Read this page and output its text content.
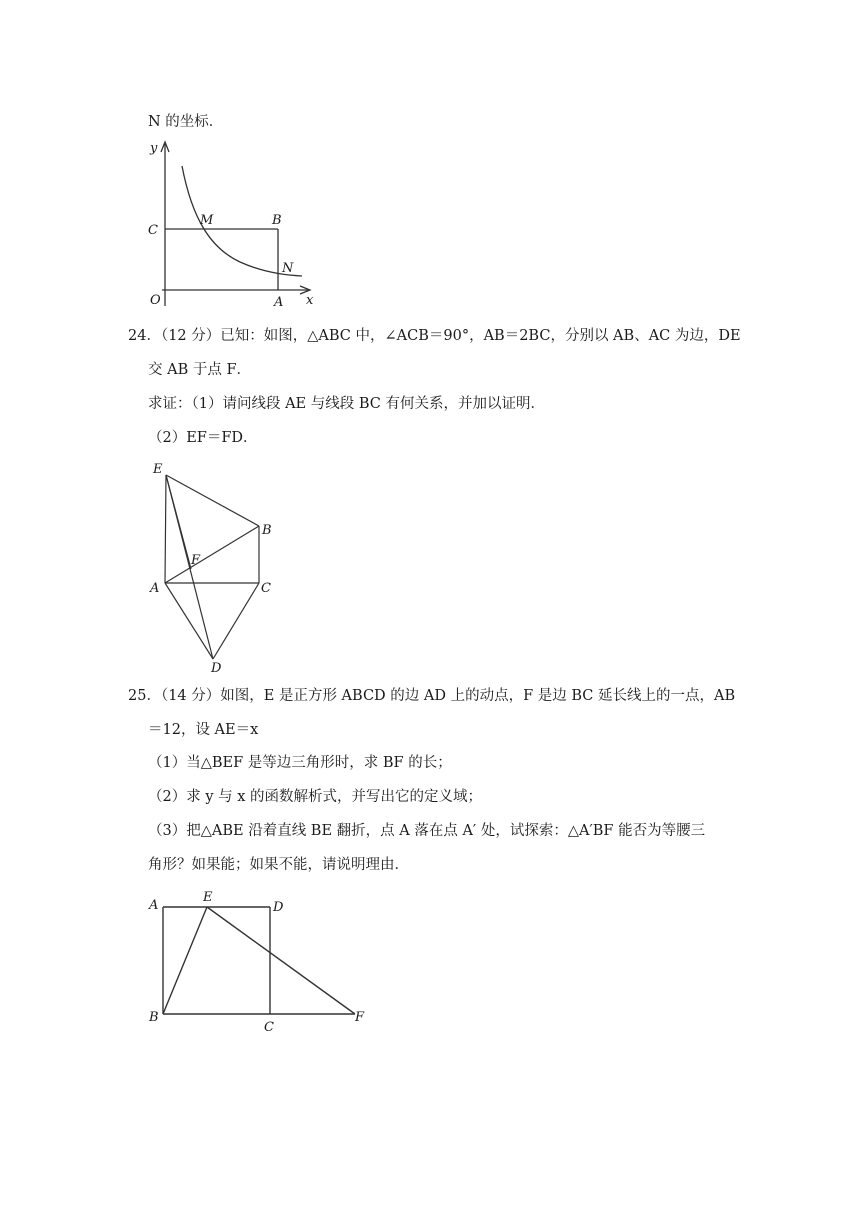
N 的坐标．
y
C
M	B
N
O	A x
24．（12 分）已知：如图，△ABC 中，∠ACB＝90°，AB＝2BC，分别以 AB、AC 为边，DE
交 AB 于点 F．
求证：（1）请问线段 AE 与线段 BC 有何关系，并加以证明．
（2）EF＝FD．
E
B
F
A	C
D
25．（14 分）如图，E 是正方形 ABCD 的边 AD 上的动点，F 是边 BC 延长线上的一点，AB
＝12，设 AE＝x
（1）当△BEF 是等边三角形时，求 BF 的长；
（2）求 y 与 x 的函数解析式，并写出它的定义域；
（3）把△ABE 沿着直线 BE 翻折，点 A 落在点 A′ 处，试探索：△A′BF 能否为等腰三
角形？如果能；如果不能，请说明理由．
A
E
D
B
C
F
